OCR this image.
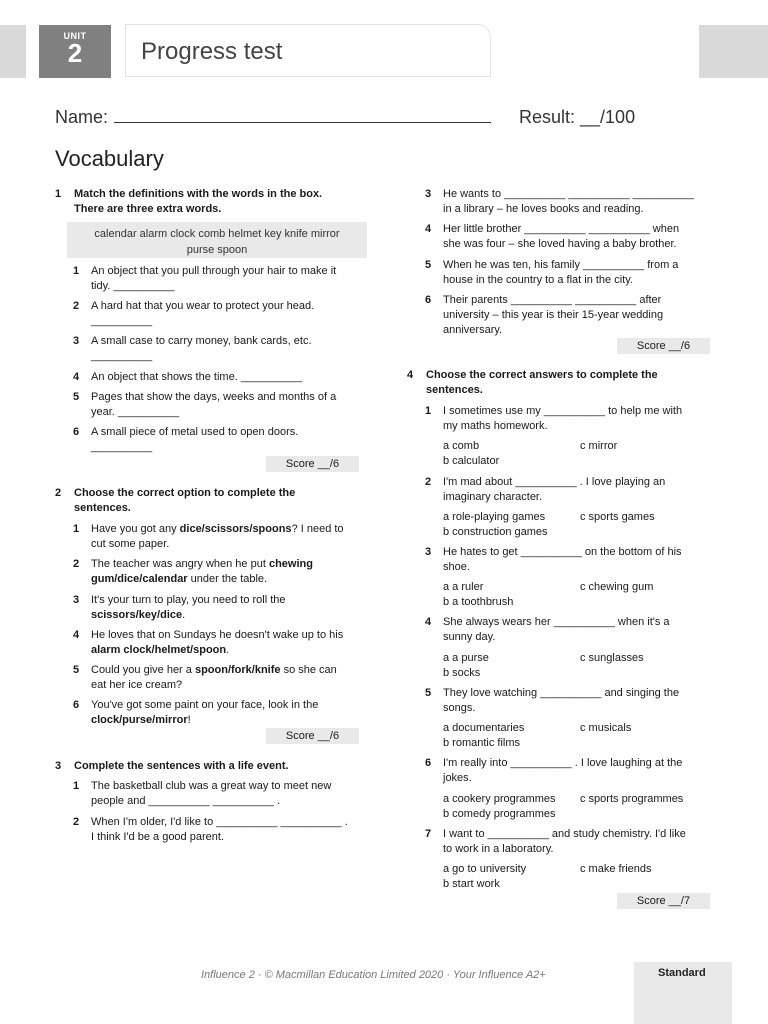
UNIT
2	Progress test
Name:	Result: __/100
Vocabulary
1 Match the definitions with the words in the box. There are three extra words.
calendar alarm clock comb helmet key knife mirror
purse spoon
1 An object that you pull through your hair to make it
tidy. __________
2 A hard hat that you wear to protect your head.
__________
3 A small case to carry money, bank cards, etc.
__________
4 An object that shows the time. __________
5 Pages that show the days, weeks and months of a
year. __________
6 A small piece of metal used to open doors.
__________
Score __/6
2 Choose the correct option to complete the sentences.
1 Have you got any dice/scissors/spoons? I need to
cut some paper.
2 The teacher was angry when he put chewing
gum/dice/calendar under the table.
3 It's your turn to play, you need to roll the
scissors/key/dice.
4 He loves that on Sundays he doesn't wake up to his
alarm clock/helmet/spoon.
5 Could you give her a spoon/fork/knife so she can
eat her ice cream?
6 You've got some paint on your face, look in the
clock/purse/mirror!
Score __/6
3 Complete the sentences with a life event.
1 The basketball club was a great way to meet new
people and __________ __________ .
2 When I'm older, I'd like to __________ __________ .
I think I'd be a good parent.
3 He wants to __________ __________ __________
in a library – he loves books and reading.
4 Her little brother __________ __________ when
she was four – she loved having a baby brother.
5 When he was ten, his family __________ from a
house in the country to a flat in the city.
6 Their parents __________ __________ after
university – this year is their 15-year wedding
anniversary.
Score __/6
4 Choose the correct answers to complete the sentences.
1 I sometimes use my __________ to help me with
my maths homework.
a comb
b calculator
c mirror
2 I'm mad about __________ . I love playing an
imaginary character.
a role-playing games
b construction games
c sports games
3 He hates to get __________ on the bottom of his
shoe.
a a ruler
b a toothbrush
c chewing gum
4 She always wears her __________ when it's a
sunny day.
a a purse
b socks
c sunglasses
5 They love watching __________ and singing the
songs.
a documentaries
b romantic films
c musicals
6 I'm really into __________ . I love laughing at the
jokes.
a cookery programmes
b comedy programmes
c sports programmes
7 I want to __________ and study chemistry. I'd like
to work in a laboratory.
a go to university
b start work
c make friends
Score __/7
Influence 2 · © Macmillan Education Limited 2020 · Your Influence A2+	Standard
